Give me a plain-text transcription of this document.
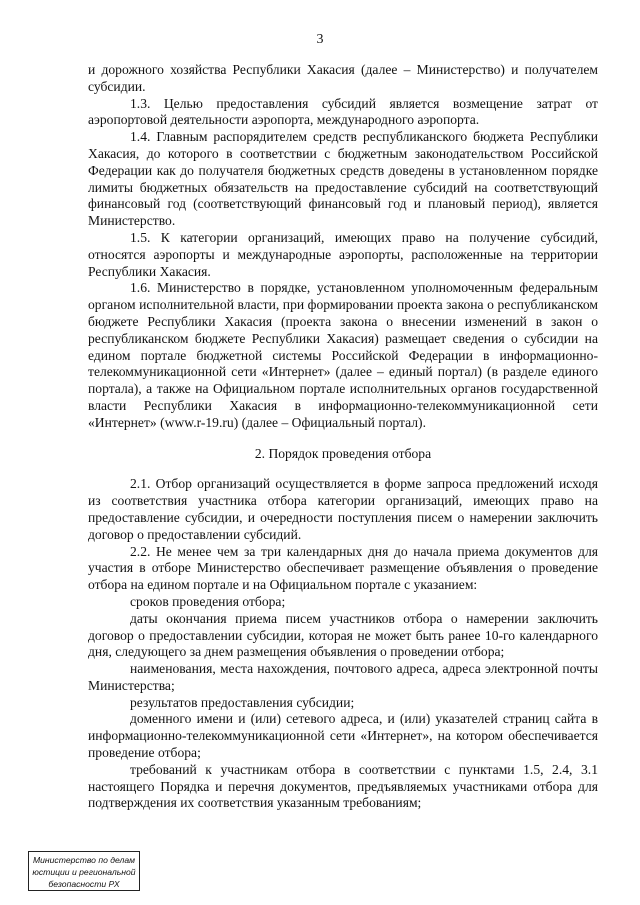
3

и дорожного хозяйства Республики Хакасия (далее – Министерство) и получателем субсидии.

1.3. Целью предоставления субсидий является возмещение затрат от аэропортовой деятельности аэропорта, международного аэропорта.

1.4. Главным распорядителем средств республиканского бюджета Республики Хакасия, до которого в соответствии с бюджетным законодательством Российской Федерации как до получателя бюджетных средств доведены в установленном порядке лимиты бюджетных обязательств на предоставление субсидий на соответствующий финансовый год (соответствующий финансовый год и плановый период), является Министерство.

1.5. К категории организаций, имеющих право на получение субсидий, относятся аэропорты и международные аэропорты, расположенные на территории Республики Хакасия.

1.6. Министерство в порядке, установленном уполномоченным федеральным органом исполнительной власти, при формировании проекта закона о республиканском бюджете Республики Хакасия (проекта закона о внесении изменений в закон о республиканском бюджете Республики Хакасия) размещает сведения о субсидии на едином портале бюджетной системы Российской Федерации в информационно-телекоммуникационной сети «Интернет» (далее – единый портал) (в разделе единого портала), а также на Официальном портале исполнительных органов государственной власти Республики Хакасия в информационно-телекоммуникационной сети «Интернет» (www.r-19.ru) (далее – Официальный портал).

2. Порядок проведения отбора

2.1. Отбор организаций осуществляется в форме запроса предложений исходя из соответствия участника отбора категории организаций, имеющих право на предоставление субсидии, и очередности поступления писем о намерении заключить договор о предоставлении субсидий.

2.2. Не менее чем за три календарных дня до начала приема документов для участия в отборе Министерство обеспечивает размещение объявления о проведение отбора на едином портале и на Официальном портале с указанием:

сроков проведения отбора;

даты окончания приема писем участников отбора о намерении заключить договор о предоставлении субсидии, которая не может быть ранее 10-го календарного дня, следующего за днем размещения объявления о проведении отбора;

наименования, места нахождения, почтового адреса, адреса электронной почты Министерства;

результатов предоставления субсидии;

доменного имени и (или) сетевого адреса, и (или) указателей страниц сайта в информационно-телекоммуникационной сети «Интернет», на котором обеспечивается проведение отбора;

требований к участникам отбора в соответствии с пунктами 1.5, 2.4, 3.1 настоящего Порядка и перечня документов, предъявляемых участниками отбора для подтверждения их соответствия указанным требованиям;

Министерство по делам
юстиции и региональной
безопасности РХ
